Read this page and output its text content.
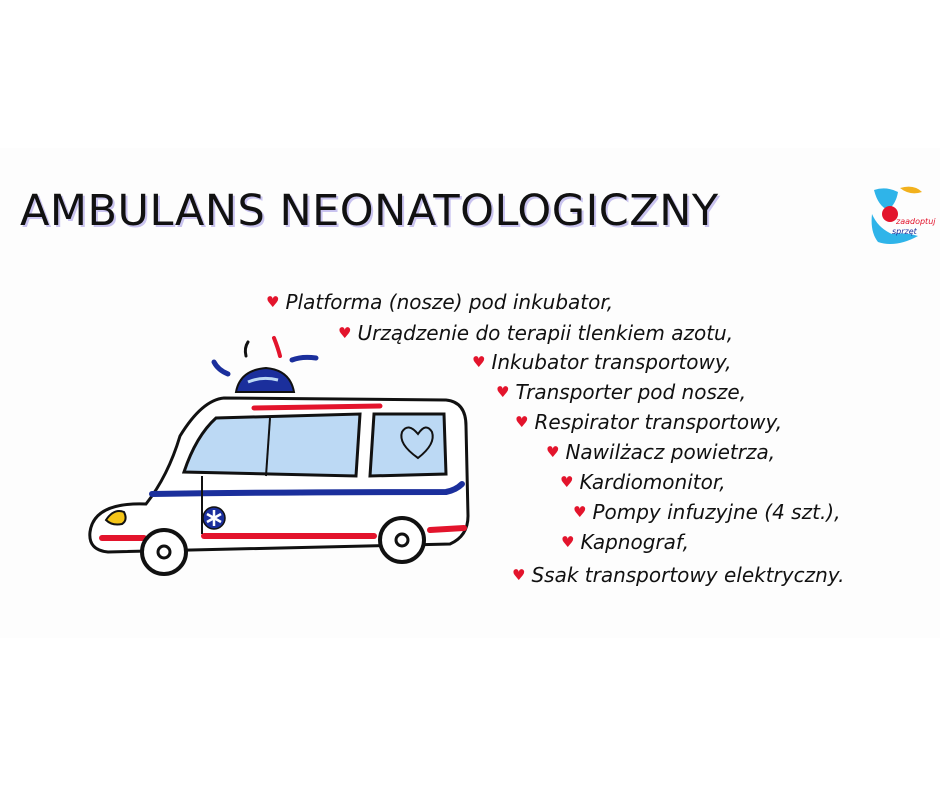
AMBULANS NEONATOLOGICZNY	zaadoptuj
sprzęt
♥ Platforma (nosze) pod inkubator,
♥ Urządzenie do terapii tlenkiem azotu,
♥ Inkubator transportowy,
♥ Transporter pod nosze,
♥ Respirator transportowy,
♥ Nawilżacz powietrza,
♥ Kardiomonitor,
♥ Pompy infuzyjne (4 szt.),
♥ Kapnograf,
♥ Ssak transportowy elektryczny.
